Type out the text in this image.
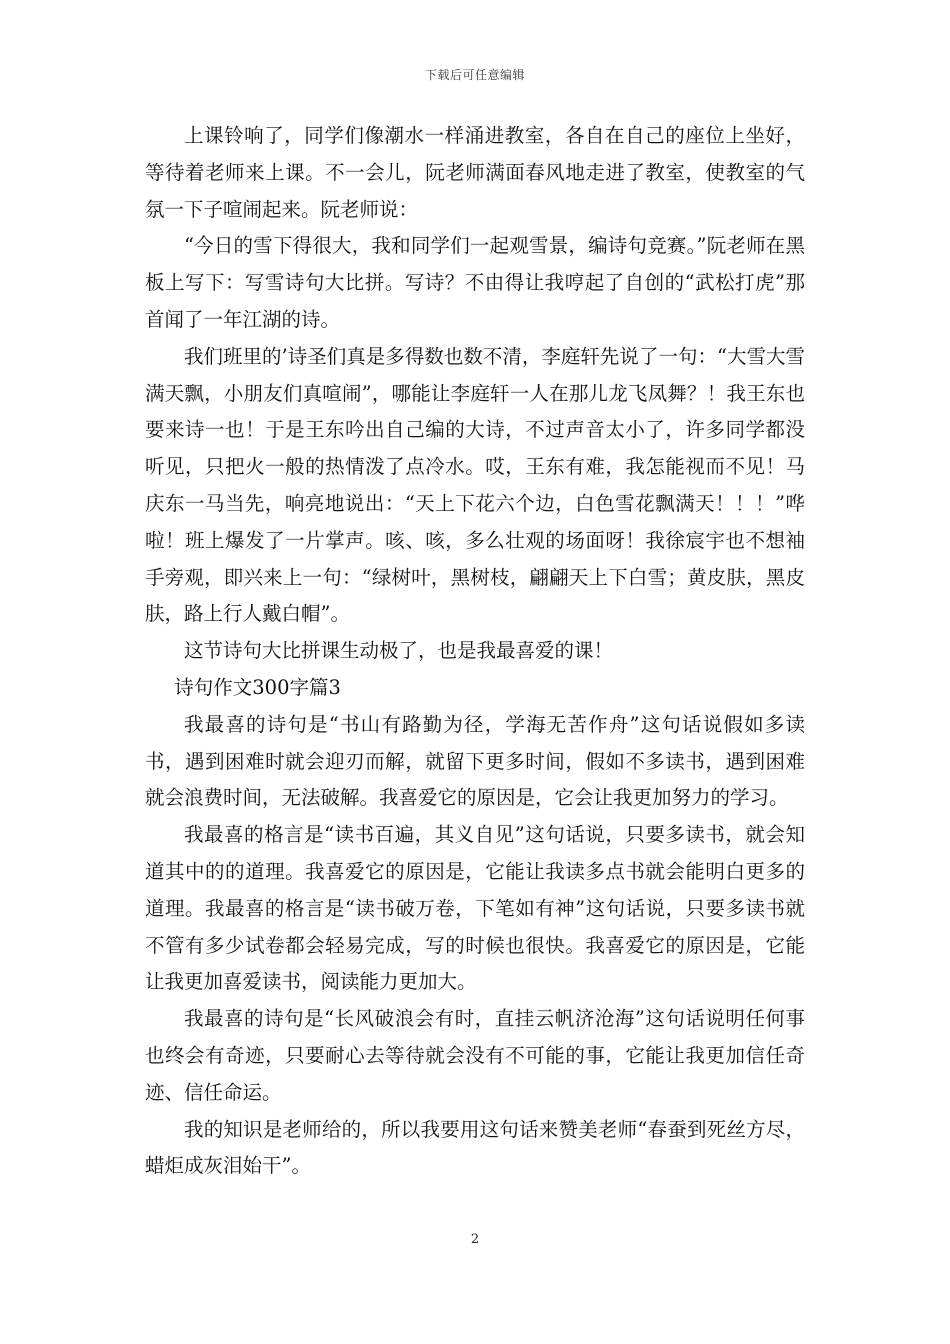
下载后可任意编辑

上课铃响了，同学们像潮水一样涌进教室，各自在自己的座位上坐好，等待着老师来上课。不一会儿，阮老师满面春风地走进了教室，使教室的气氛一下子喧闹起来。阮老师说：

“今日的雪下得很大，我和同学们一起观雪景，编诗句竞赛。”阮老师在黑板上写下：写雪诗句大比拼。写诗？不由得让我哼起了自创的“武松打虎”那首闻了一年江湖的诗。

我们班里的’诗圣们真是多得数也数不清，李庭轩先说了一句：“大雪大雪满天飘，小朋友们真喧闹”，哪能让李庭轩一人在那儿龙飞凤舞？！我王东也要来诗一也！于是王东吟出自己编的大诗，不过声音太小了，许多同学都没听见，只把火一般的热情泼了点冷水。哎，王东有难，我怎能视而不见！马庆东一马当先，响亮地说出：“天上下花六个边，白色雪花飘满天！！！”哗啦！班上爆发了一片掌声。咳、咳，多么壮观的场面呀！我徐宸宇也不想袖手旁观，即兴来上一句：“绿树叶，黑树枝，翩翩天上下白雪；黄皮肤，黑皮肤，路上行人戴白帽”。

这节诗句大比拼课生动极了，也是我最喜爱的课！

诗句作文300字篇3

我最喜的诗句是“书山有路勤为径，学海无苦作舟”这句话说假如多读书，遇到困难时就会迎刃而解，就留下更多时间，假如不多读书，遇到困难就会浪费时间，无法破解。我喜爱它的原因是，它会让我更加努力的学习。

我最喜的格言是“读书百遍，其义自见”这句话说，只要多读书，就会知道其中的的道理。我喜爱它的原因是，它能让我读多点书就会能明白更多的道理。我最喜的格言是“读书破万卷，下笔如有神”这句话说，只要多读书就不管有多少试卷都会轻易完成，写的时候也很快。我喜爱它的原因是，它能让我更加喜爱读书，阅读能力更加大。

我最喜的诗句是“长风破浪会有时，直挂云帆济沧海”这句话说明任何事也终会有奇迹，只要耐心去等待就会没有不可能的事，它能让我更加信任奇迹、信任命运。

我的知识是老师给的，所以我要用这句话来赞美老师“春蚕到死丝方尽，蜡炬成灰泪始干”。

2
